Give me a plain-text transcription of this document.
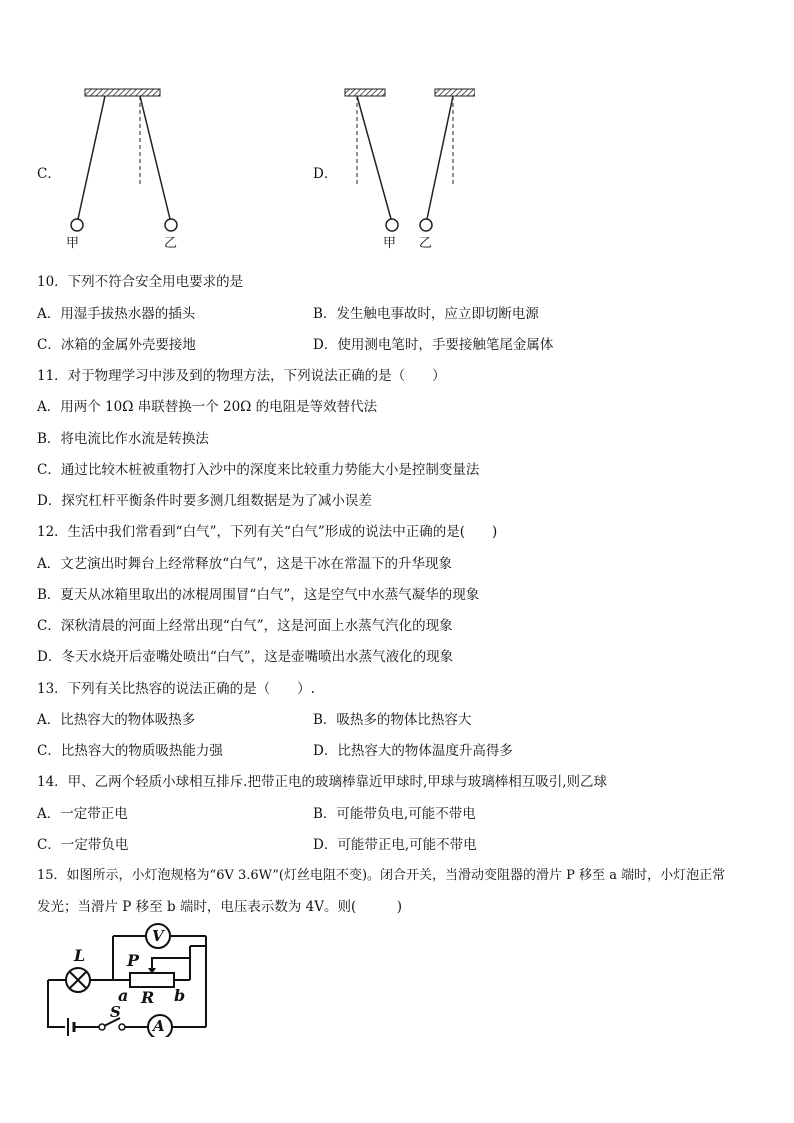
C．
甲	乙
D．
甲 乙
10．下列不符合安全用电要求的是
A．用湿手拔热水器的插头	B．发生触电事故时，应立即切断电源
C．冰箱的金属外壳要接地	D．使用测电笔时，手要接触笔尾金属体
11．对于物理学习中涉及到的物理方法，下列说法正确的是（　　）
A．用两个 10Ω 串联替换一个 20Ω 的电阻是等效替代法
B．将电流比作水流是转换法
C．通过比较木桩被重物打入沙中的深度来比较重力势能大小是控制变量法
D．探究杠杆平衡条件时要多测几组数据是为了减小误差
12．生活中我们常看到“白气”，下列有关“白气”形成的说法中正确的是(　　)
A．文艺演出时舞台上经常释放“白气”，这是干冰在常温下的升华现象
B．夏天从冰箱里取出的冰棍周围冒“白气”，这是空气中水蒸气凝华的现象
C．深秋清晨的河面上经常出现“白气”，这是河面上水蒸气汽化的现象
D．冬天水烧开后壶嘴处喷出“白气”，这是壶嘴喷出水蒸气液化的现象
13．下列有关比热容的说法正确的是（　　）.
A．比热容大的物体吸热多	B．吸热多的物体比热容大
C．比热容大的物质吸热能力强	D．比热容大的物体温度升高得多
14．甲、乙两个轻质小球相互排斥.把带正电的玻璃棒靠近甲球时,甲球与玻璃棒相互吸引,则乙球
A．一定带正电	B．可能带负电,可能不带电
C．一定带负电	D．可能带正电,可能不带电
15．如图所示，小灯泡规格为“6V 3.6W”(灯丝电阻不变)。闭合开关，当滑动变阻器的滑片 P 移至 a 端时，小灯泡正常
发光；当滑片 P 移至 b 端时，电压表示数为 4V。则(　　　)
L
V
A
P
R
a	b
S
